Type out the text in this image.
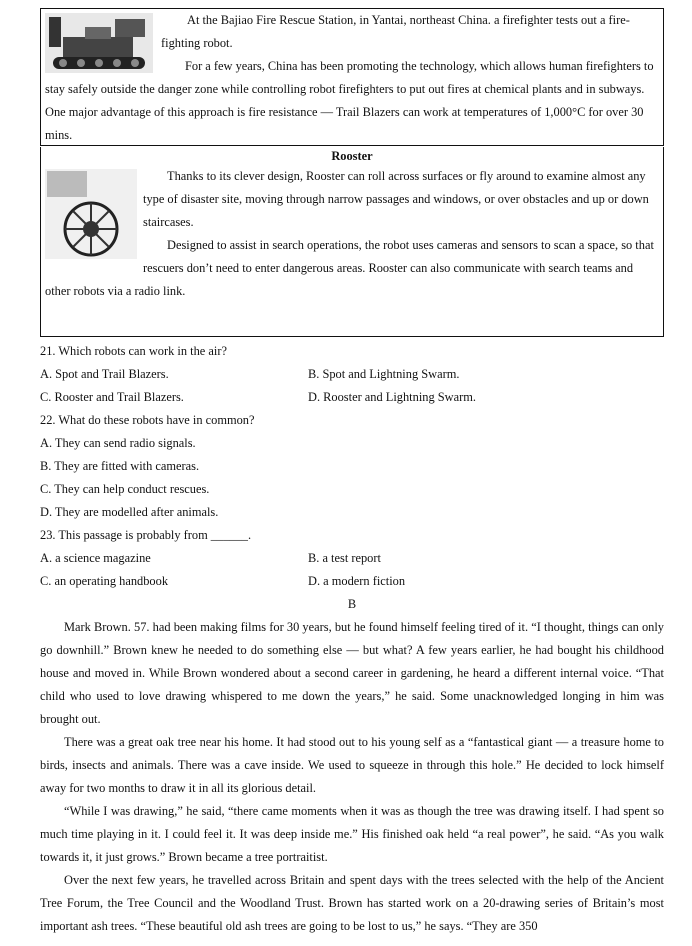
At the Bajiao Fire Rescue Station, in Yantai, northeast China. a firefighter tests out a fire-fighting robot.

For a few years, China has been promoting the technology, which allows human firefighters to stay safely outside the danger zone while controlling robot firefighters to put out fires at chemical plants and in subways. One major advantage of this approach is fire resistance — Trail Blazers can work at temperatures of 1,000°C for over 30 mins.

Rooster

Thanks to its clever design, Rooster can roll across surfaces or fly around to examine almost any type of disaster site, moving through narrow passages and windows, or over obstacles and up or down staircases.

Designed to assist in search operations, the robot uses cameras and sensors to scan a space, so that rescuers don’t need to enter dangerous areas. Rooster can also communicate with search teams and other robots via a radio link.

21. Which robots can work in the air?
A. Spot and Trail Blazers.	B. Spot and Lightning Swarm.
C. Rooster and Trail Blazers.	D. Rooster and Lightning Swarm.
22. What do these robots have in common?
A. They can send radio signals.
B. They are fitted with cameras.
C. They can help conduct rescues.
D. They are modelled after animals.
23. This passage is probably from ______.
A. a science magazine	B. a test report
C. an operating handbook	D. a modern fiction
B

Mark Brown. 57. had been making films for 30 years, but he found himself feeling tired of it. “I thought, things can only go downhill.” Brown knew he needed to do something else — but what? A few years earlier, he had bought his childhood house and moved in. While Brown wondered about a second career in gardening, he heard a different internal voice. “That child who used to love drawing whispered to me down the years,” he said. Some unacknowledged longing in him was brought out.

There was a great oak tree near his home. It had stood out to his young self as a “fantastical giant — a treasure home to birds, insects and animals. There was a cave inside. We used to squeeze in through this hole.” He decided to lock himself away for two months to draw it in all its glorious detail.

“While I was drawing,” he said, “there came moments when it was as though the tree was drawing itself. I had spent so much time playing in it. I could feel it. It was deep inside me.” His finished oak held “a real power”, he said. “As you walk towards it, it just grows.” Brown became a tree portraitist.

Over the next few years, he travelled across Britain and spent days with the trees selected with the help of the Ancient Tree Forum, the Tree Council and the Woodland Trust. Brown has started work on a 20-drawing series of Britain’s most important ash trees. “These beautiful old ash trees are going to be lost to us,” he says. “They are 350
